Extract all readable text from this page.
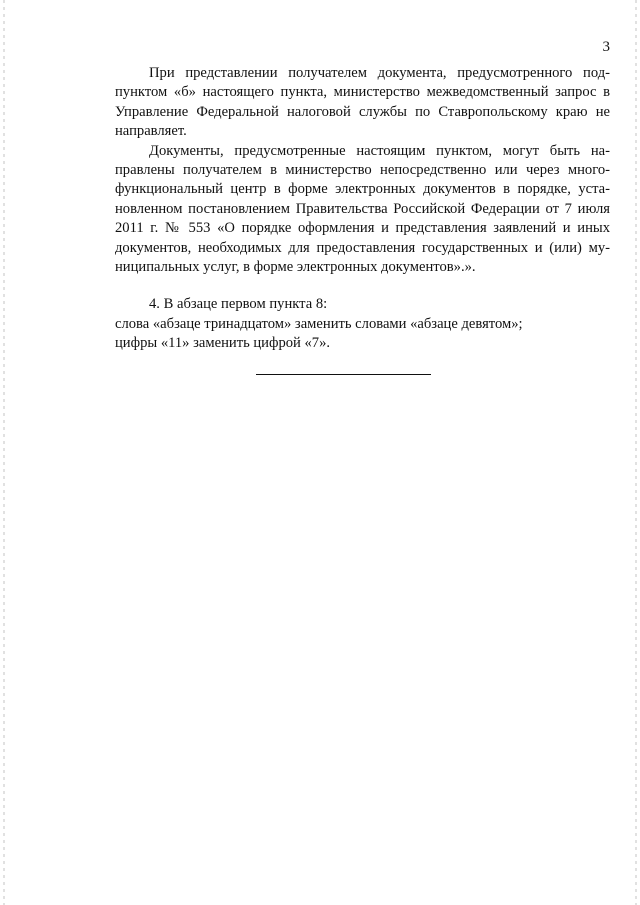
3
При представлении получателем документа, предусмотренного под-
пунктом «б» настоящего пункта, министерство межведомственный запрос в
Управление Федеральной налоговой службы по Ставропольскому краю не
направляет.
Документы, предусмотренные настоящим пунктом, могут быть на-
правлены получателем в министерство непосредственно или через много-
функциональный центр в форме электронных документов в порядке, уста-
новленном постановлением Правительства Российской Федерации от 7 июля
2011 г. № 553 «О порядке оформления и представления заявлений и иных
документов, необходимых для предоставления государственных и (или) му-
ниципальных услуг, в форме электронных документов».».

4. В абзаце первом пункта 8:

слова «абзаце тринадцатом» заменить словами «абзаце девятом»;

цифры «11» заменить цифрой «7».
